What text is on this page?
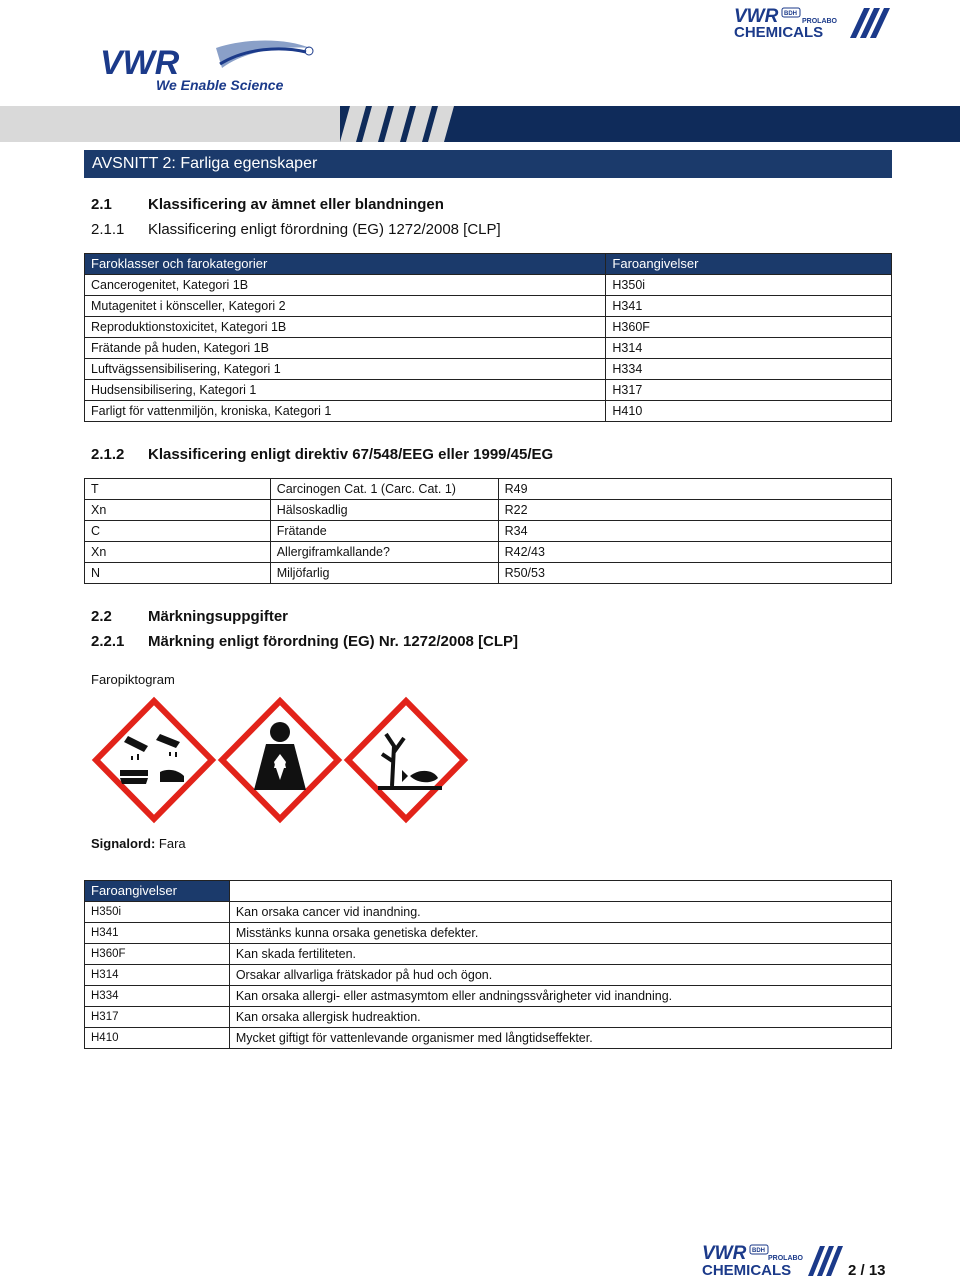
VWR
We Enable Science
VWR BDH
PROLABO
CHEMICALS
AVSNITT 2: Farliga egenskaper
2.1 Klassificering av ämnet eller blandningen
2.1.1 Klassificering enligt förordning (EG) 1272/2008 [CLP]
Faroklasser och farokategorier	Faroangivelser
Cancerogenitet, Kategori 1B	H350i
Mutagenitet i könsceller, Kategori 2	H341
Reproduktionstoxicitet, Kategori 1B	H360F
Frätande på huden, Kategori 1B	H314
Luftvägssensibilisering, Kategori 1	H334
Hudsensibilisering, Kategori 1	H317
Farligt för vattenmiljön, kroniska, Kategori 1	H410
2.1.2 Klassificering enligt direktiv 67/548/EEG eller 1999/45/EG
T	Carcinogen Cat. 1 (Carc. Cat. 1)	R49
Xn	Hälsoskadlig	R22
C	Frätande	R34
Xn	Allergiframkallande?	R42/43
N	Miljöfarlig	R50/53
2.2 Märkningsuppgifter
2.2.1 Märkning enligt förordning (EG) Nr. 1272/2008 [CLP]
Faropiktogram
Signalord: Fara
Faroangivelser	
H350i	Kan orsaka cancer vid inandning.
H341	Misstänks kunna orsaka genetiska defekter.
H360F	Kan skada fertiliteten.
H314	Orsakar allvarliga frätskador på hud och ögon.
H334	Kan orsaka allergi- eller astmasymtom eller andningssvårigheter vid inandning.
H317	Kan orsaka allergisk hudreaktion.
H410	Mycket giftigt för vattenlevande organismer med långtidseffekter.
VWR BDH
PROLABO
CHEMICALS	2 / 13
